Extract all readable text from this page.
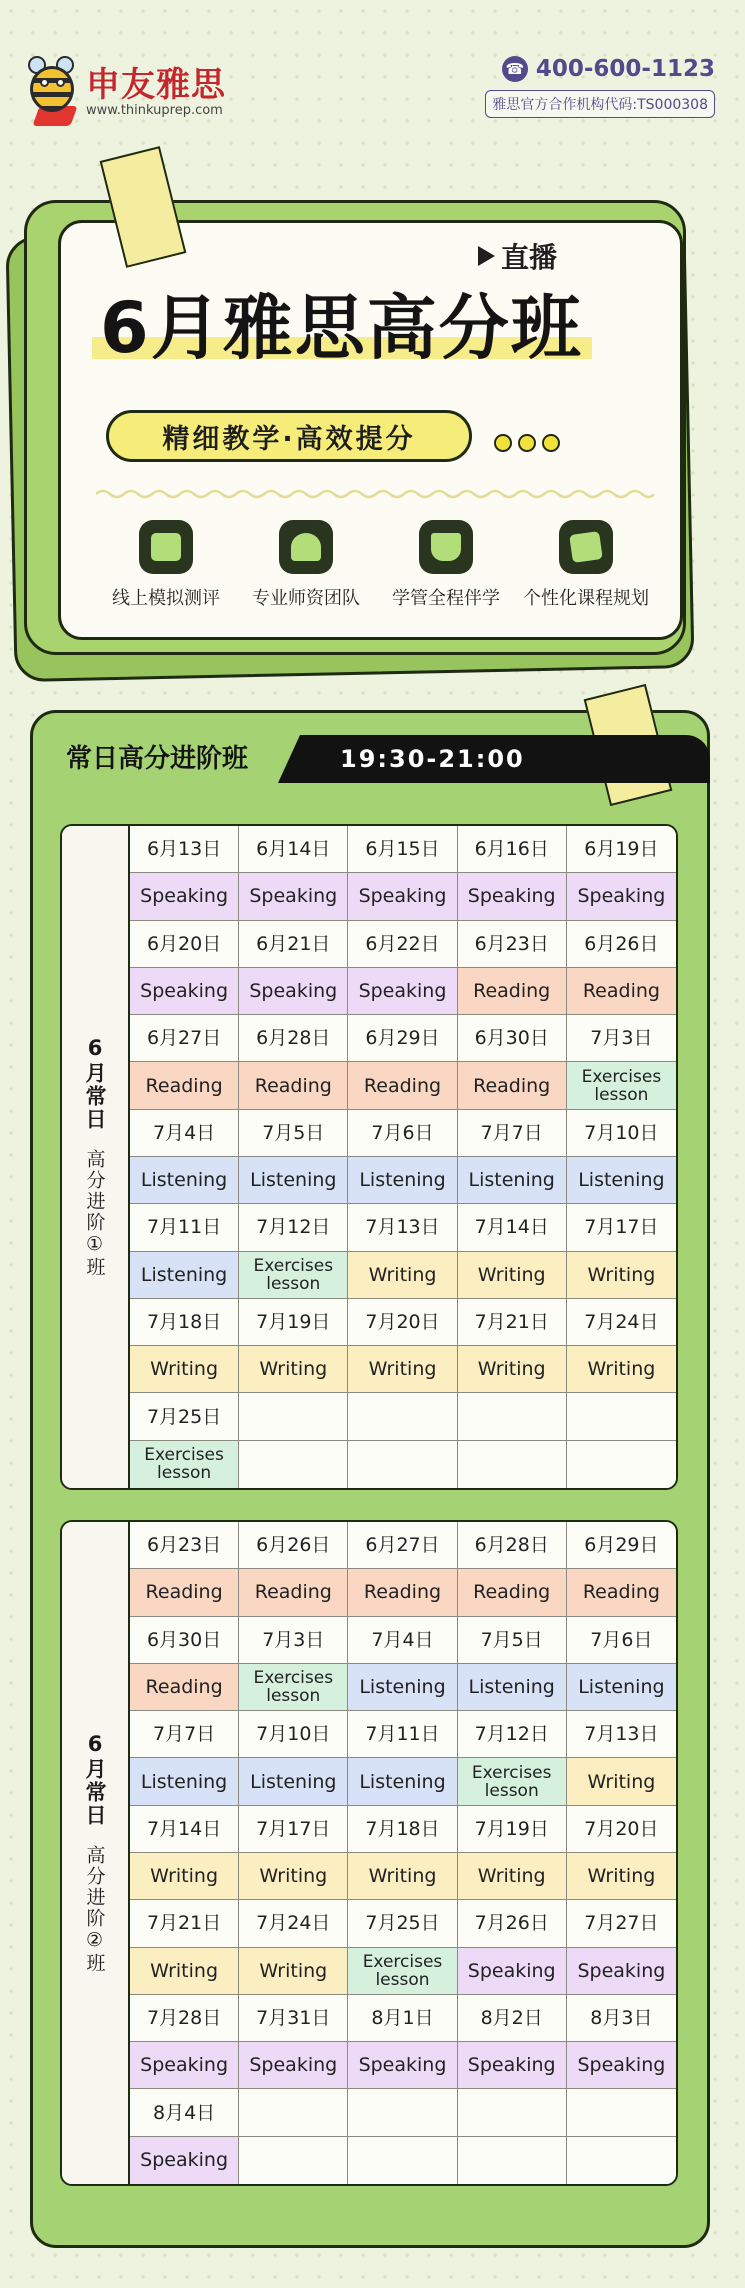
申友雅思
www.thinkuprep.com
☎ 400-600-1123
雅思官方合作机构代码:TS000308
直播
6月雅思高分班
精细教学·高效提分
线上模拟测评 专业师资团队 学管全程伴学 个性化课程规划
常日高分进阶班	19:30-21:00
6月常日
高分进阶①班
6月13日	6月14日	6月15日	6月16日	6月19日
Speaking	Speaking	Speaking	Speaking	Speaking
6月20日	6月21日	6月22日	6月23日	6月26日
Speaking	Speaking	Speaking	Reading	Reading
6月27日	6月28日	6月29日	6月30日	7月3日
Reading	Reading	Reading	Reading	Exercises lesson
7月4日	7月5日	7月6日	7月7日	7月10日
Listening	Listening	Listening	Listening	Listening
7月11日	7月12日	7月13日	7月14日	7月17日
Listening	Exercises lesson	Writing	Writing	Writing
7月18日	7月19日	7月20日	7月21日	7月24日
Writing	Writing	Writing	Writing	Writing
7月25日
Exercises lesson
6月常日
高分进阶②班
6月23日	6月26日	6月27日	6月28日	6月29日
Reading	Reading	Reading	Reading	Reading
6月30日	7月3日	7月4日	7月5日	7月6日
Reading	Exercises lesson	Listening	Listening	Listening
7月7日	7月10日	7月11日	7月12日	7月13日
Listening	Listening	Listening	Exercises lesson	Writing
7月14日	7月17日	7月18日	7月19日	7月20日
Writing	Writing	Writing	Writing	Writing
7月21日	7月24日	7月25日	7月26日	7月27日
Writing	Writing	Exercises lesson	Speaking	Speaking
7月28日	7月31日	8月1日	8月2日	8月3日
Speaking	Speaking	Speaking	Speaking	Speaking
8月4日
Speaking
